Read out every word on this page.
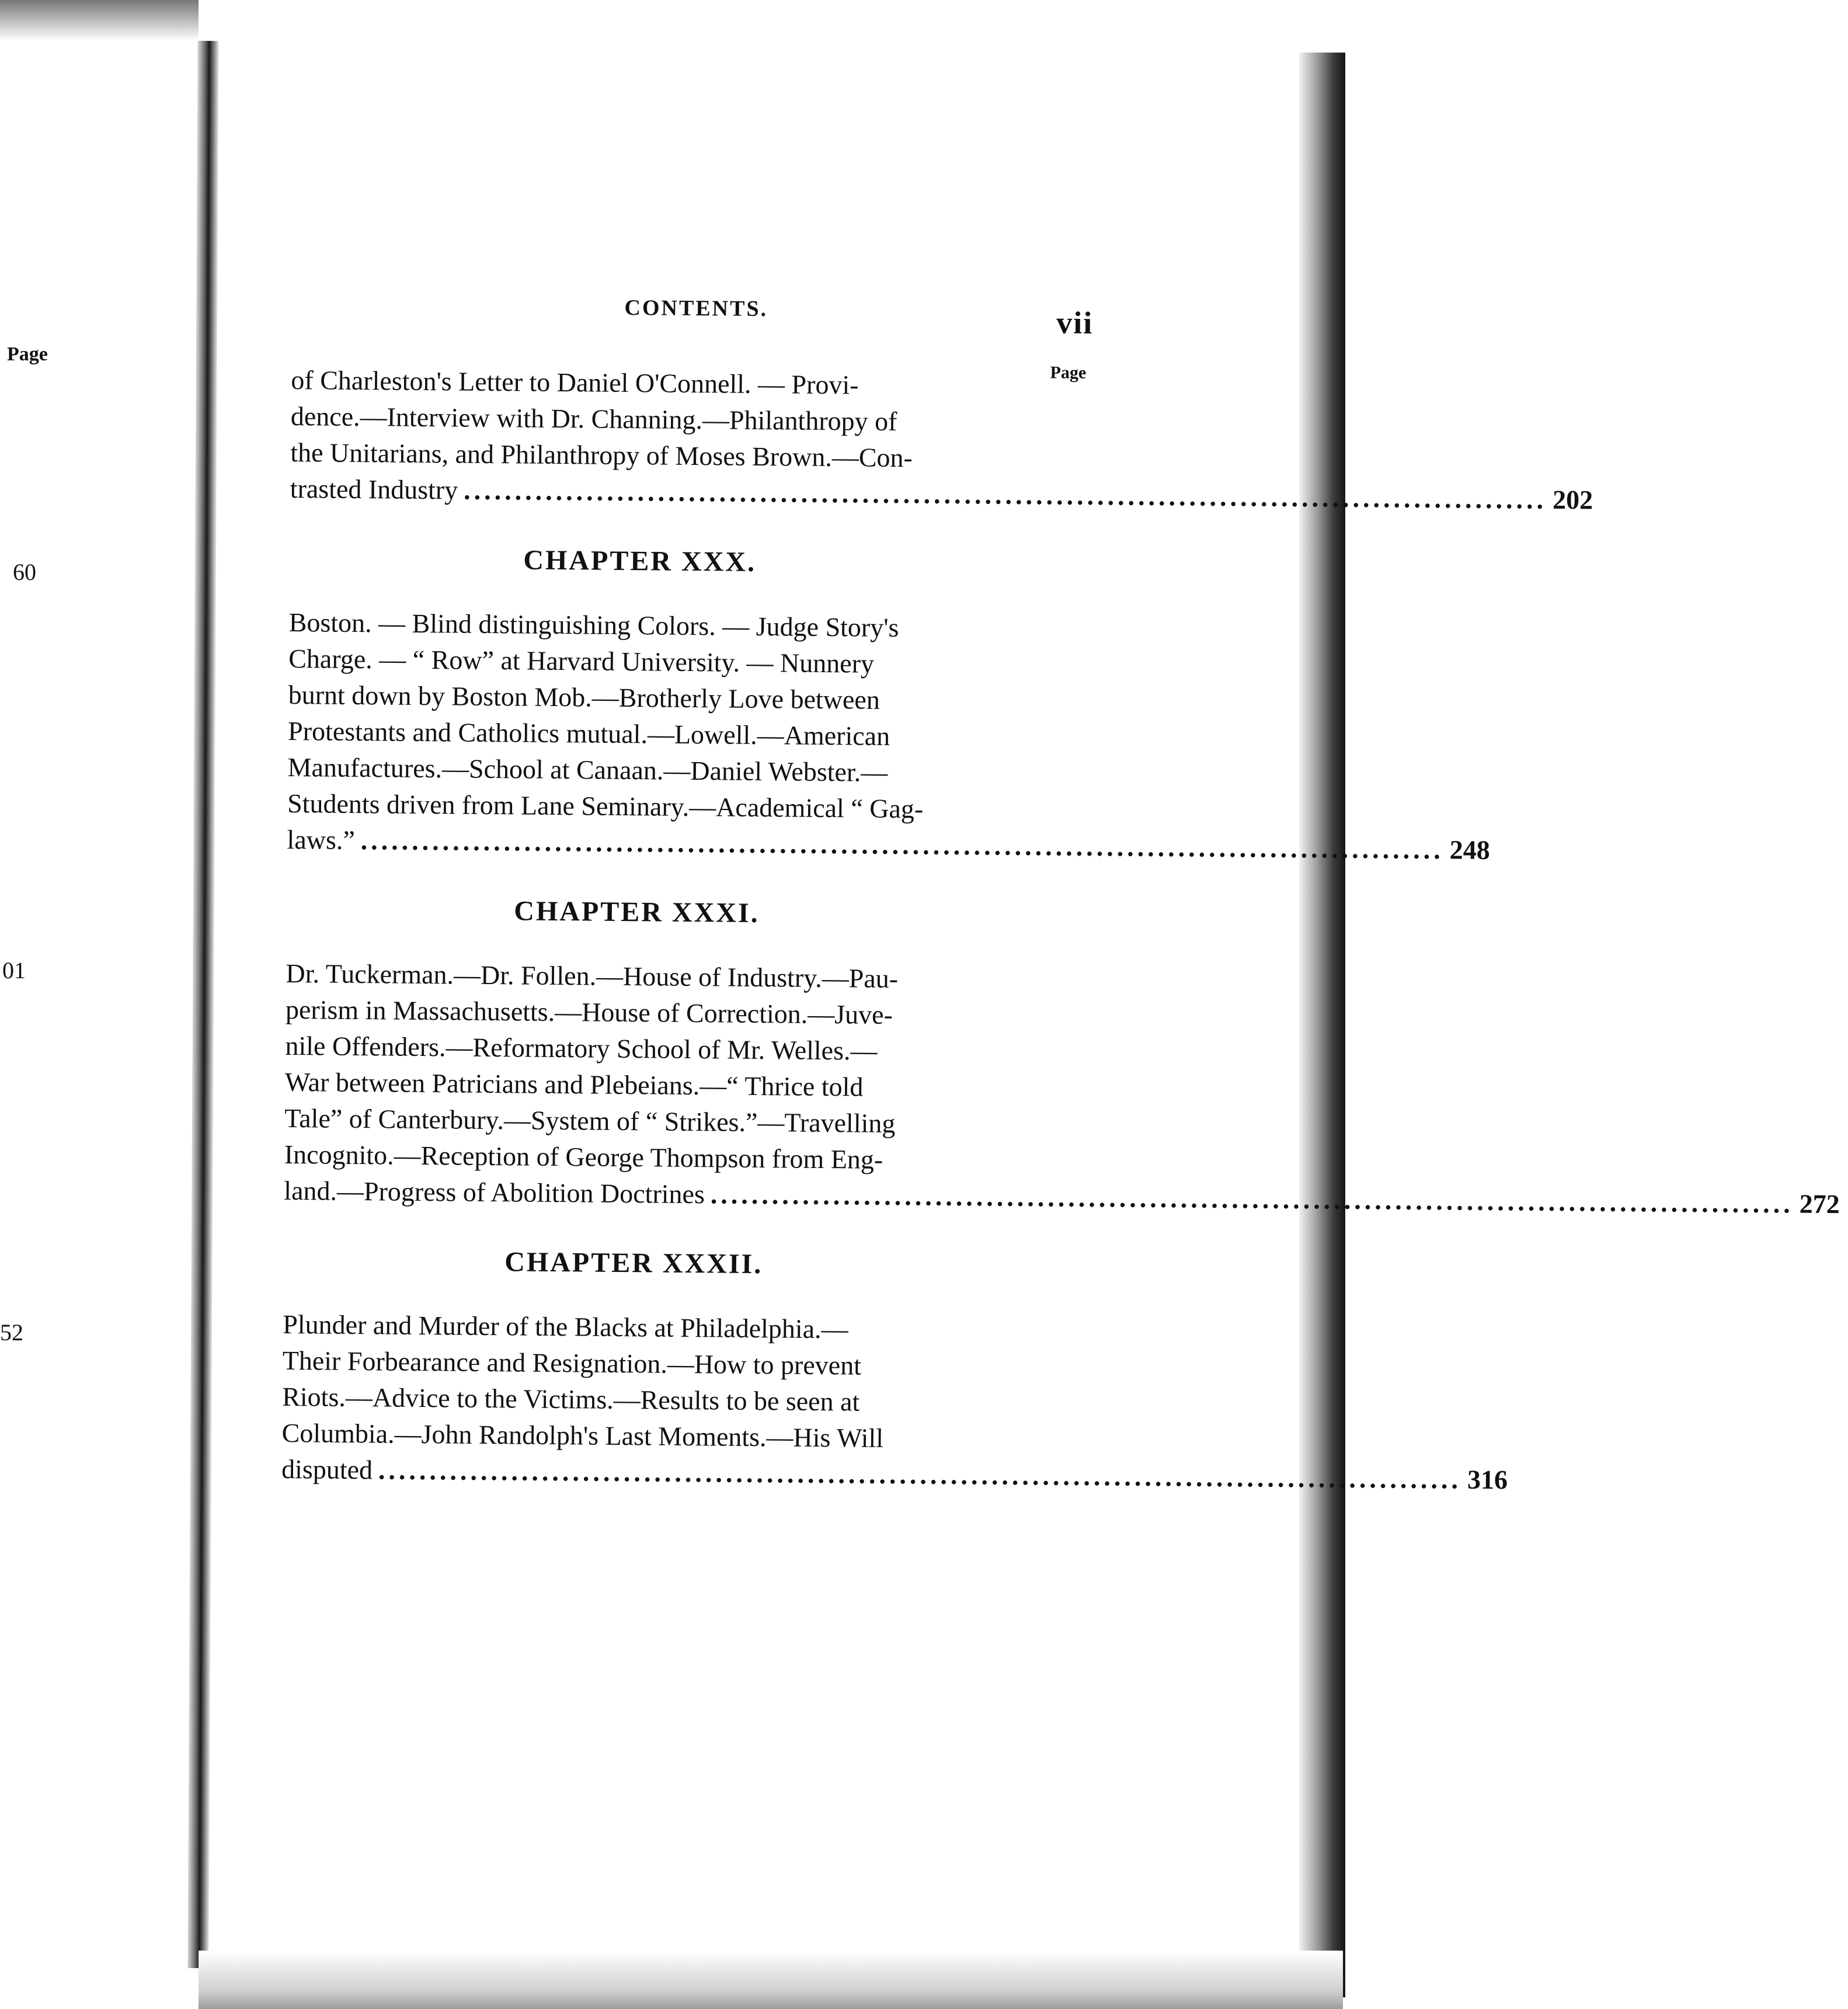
Page
60
01
52
CONTENTS.	vii
Page
of Charleston's Letter to Daniel O'Connell. — Provi-
dence.—Interview with Dr. Channing.—Philanthropy of
the Unitarians, and Philanthropy of Moses Brown.—Con-
trasted Industry .......................................................................................................... 202
CHAPTER XXX.
Boston. — Blind distinguishing Colors. — Judge Story's
Charge. — “ Row” at Harvard University. — Nunnery
burnt down by Boston Mob.—Brotherly Love between
Protestants and Catholics mutual.—Lowell.—American
Manufactures.—School at Canaan.—Daniel Webster.—
Students driven from Lane Seminary.—Academical “ Gag-
laws.” .......................................................................................................... 248
CHAPTER XXXI.
Dr. Tuckerman.—Dr. Follen.—House of Industry.—Pau-
perism in Massachusetts.—House of Correction.—Juve-
nile Offenders.—Reformatory School of Mr. Welles.—
War between Patricians and Plebeians.—“ Thrice told
Tale” of Canterbury.—System of “ Strikes.”—Travelling
Incognito.—Reception of George Thompson from Eng-
land.—Progress of Abolition Doctrines .......................................................................................................... 272
CHAPTER XXXII.
Plunder and Murder of the Blacks at Philadelphia.—
Their Forbearance and Resignation.—How to prevent
Riots.—Advice to the Victims.—Results to be seen at
Columbia.—John Randolph's Last Moments.—His Will
disputed .......................................................................................................... 316
